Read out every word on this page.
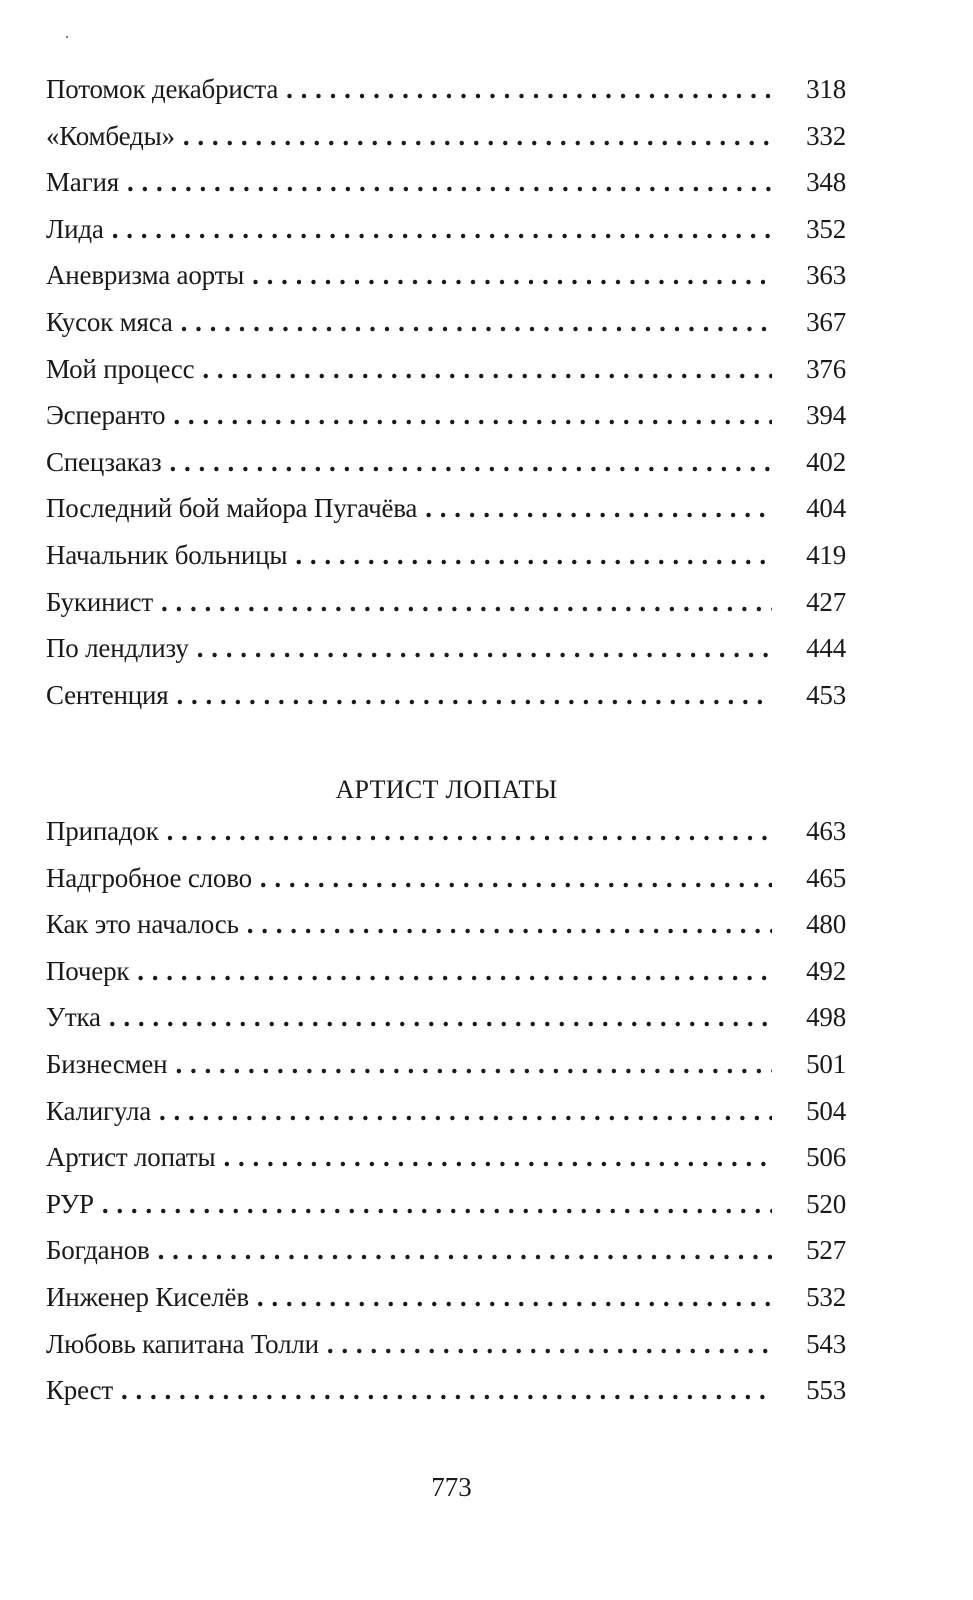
Потомок декабриста . . .	318
«Комбеды» . . .	332
Магия . . .	348
Лида . . .	352
Аневризма аорты . . .	363
Кусок мяса . . .	367
Мой процесс . . .	376
Эсперанто . . .	394
Спецзаказ . . .	402
Последний бой майора Пугачёва . . .	404
Начальник больницы . . .	419
Букинист . . .	427
По лендлизу . . .	444
Сентенция . . .	453
АРТИСТ ЛОПАТЫ
Припадок . . .	463
Надгробное слово . . .	465
Как это началось . . .	480
Почерк . . .	492
Утка . . .	498
Бизнесмен . . .	501
Калигула . . .	504
Артист лопаты . . .	506
РУР . . .	520
Богданов . . .	527
Инженер Киселёв . . .	532
Любовь капитана Толли . . .	543
Крест . . .	553
773
